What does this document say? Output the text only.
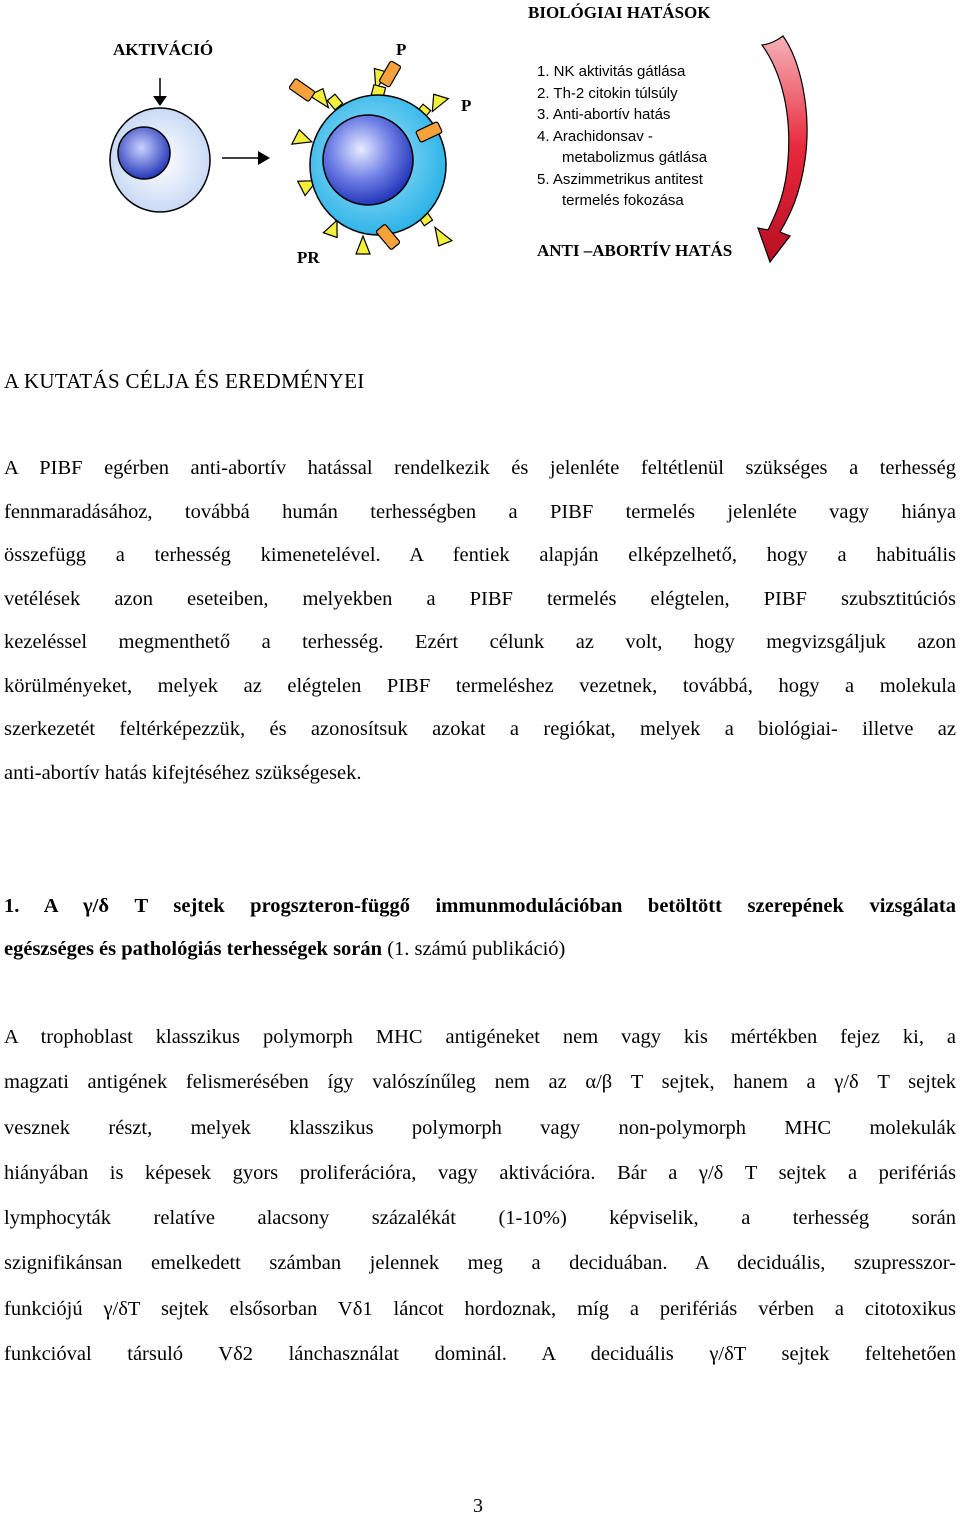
AKTIVÁCIÓ	P
P
PR
BIOLÓGIAI HATÁSOK
1. NK aktivitás gátlása
2. Th-2 citokin túlsúly
3. Anti-abortív hatás
4. Arachidonsav -
metabolizmus gátlása
5. Aszimmetrikus antitest
termelés fokozása
ANTI –ABORTÍV HATÁS
A KUTATÁS CÉLJA ÉS EREDMÉNYEI
A PIBF egérben anti-abortív hatással rendelkezik és jelenléte feltétlenül szükséges a terhesség
fennmaradásához, továbbá humán terhességben a PIBF termelés jelenléte vagy hiánya
összefügg a terhesség kimenetelével. A fentiek alapján elképzelhető, hogy a habituális
vetélések azon eseteiben, melyekben a PIBF termelés elégtelen, PIBF szubsztitúciós
kezeléssel megmenthető a terhesség. Ezért célunk az volt, hogy megvizsgáljuk azon
körülményeket, melyek az elégtelen PIBF termeléshez vezetnek, továbbá, hogy a molekula
szerkezetét feltérképezzük, és azonosítsuk azokat a regiókat, melyek a biológiai- illetve az
anti-abortív hatás kifejtéséhez szükségesek.
1. A γ/δ T sejtek progszteron-függő immunmodulációban betöltött szerepének vizsgálata
egészséges és pathológiás terhességek során (1. számú publikáció)
A trophoblast klasszikus polymorph MHC antigéneket nem vagy kis mértékben fejez ki, a
magzati antigének felismerésében így valószínűleg nem az α/β T sejtek, hanem a γ/δ T sejtek
vesznek részt, melyek klasszikus polymorph vagy non-polymorph MHC molekulák
hiányában is képesek gyors proliferációra, vagy aktivációra. Bár a γ/δ T sejtek a perifériás
lymphocyták relatíve alacsony százalékát (1-10%) képviselik, a terhesség során
szignifikánsan emelkedett számban jelennek meg a deciduában. A deciduális, szupresszor-
funkciójú γ/δT sejtek elsősorban Vδ1 láncot hordoznak, míg a perifériás vérben a citotoxikus
funkcióval társuló Vδ2 lánchasználat dominál. A deciduális γ/δT sejtek feltehetően
3
